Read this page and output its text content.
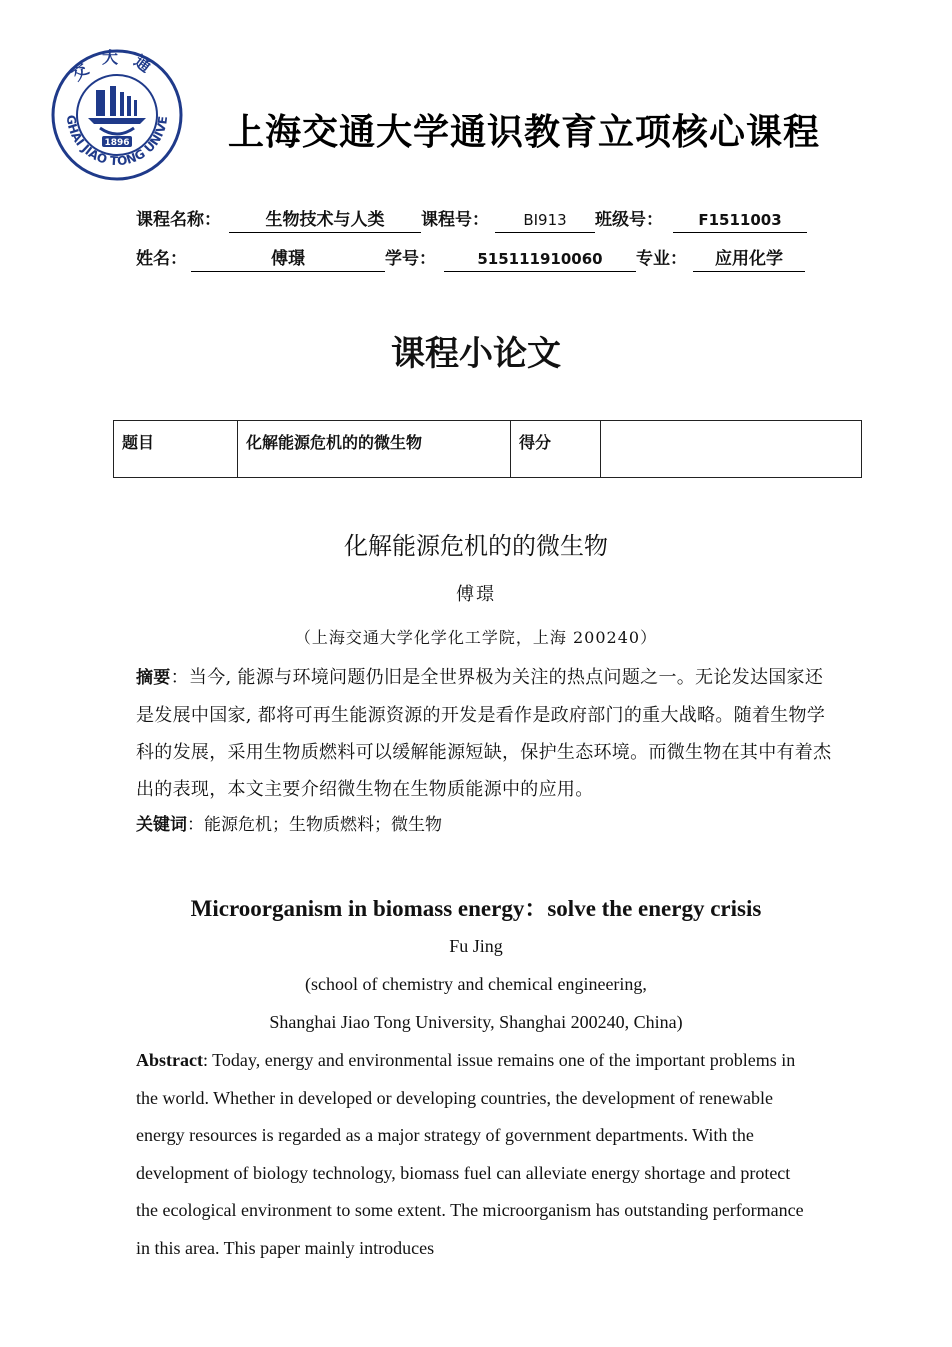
GHAI JIAO TONG UNIVE
交大通
1896	上海交通大学通识教育立项核心课程
课程名称：	生物技术与人类	课程号：	BI913	班级号：	F1511003
姓名：	傅璟	学号：	515111910060	专业：	应用化学
课程小论文
题目	化解能源危机的的微生物	得分	
化解能源危机的的微生物
傅璟
（上海交通大学化学化工学院，上海 200240）
摘要：当今, 能源与环境问题仍旧是全世界极为关注的热点问题之一。无论发达国家还是发展中国家, 都将可再生能源资源的开发是看作是政府部门的重大战略。随着生物学科的发展，采用生物质燃料可以缓解能源短缺，保护生态环境。而微生物在其中有着杰出的表现，本文主要介绍微生物在生物质能源中的应用。
关键词：能源危机；生物质燃料；微生物
Microorganism in biomass energy：solve the energy crisis
Fu Jing
(school of chemistry and chemical engineering,
Shanghai Jiao Tong University, Shanghai 200240, China)
Abstract: Today, energy and environmental issue remains one of the important problems in the world. Whether in developed or developing countries, the development of renewable energy resources is regarded as a major strategy of government departments. With the development of biology technology, biomass fuel can alleviate energy shortage and protect the ecological environment to some extent. The microorganism has outstanding performance in this area. This paper mainly introduces
